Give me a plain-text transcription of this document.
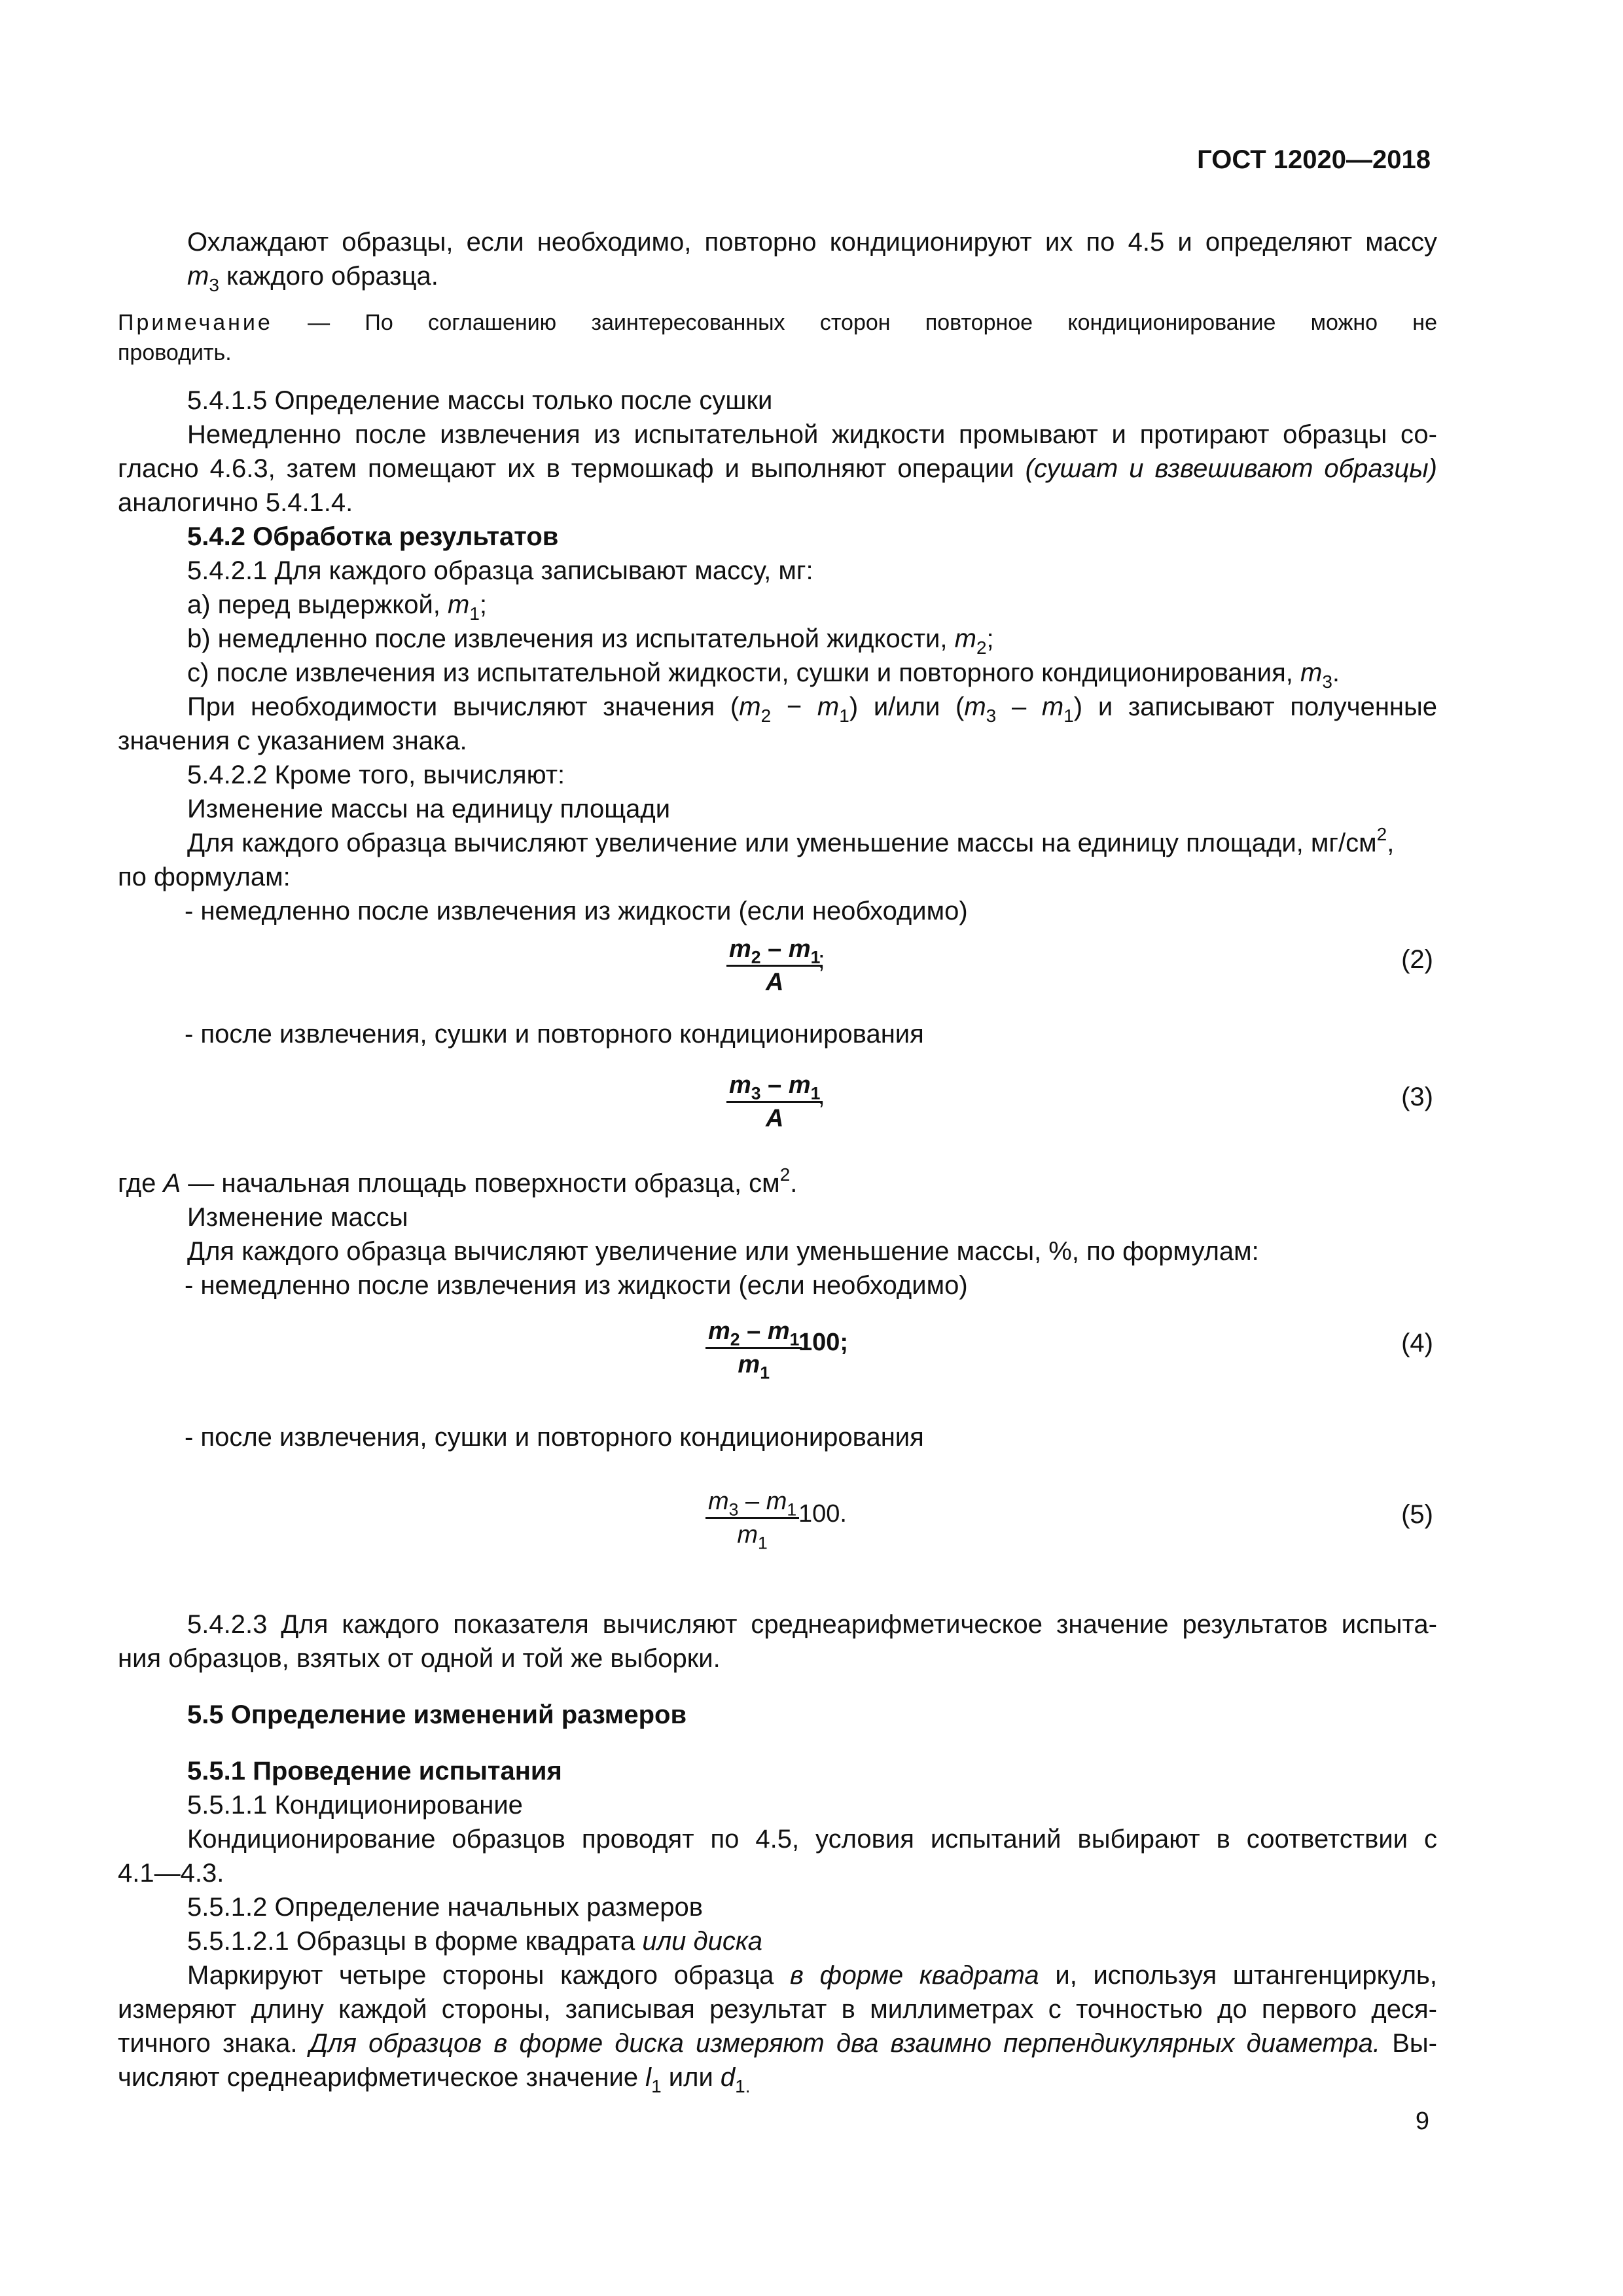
ГОСТ 12020—2018
Охлаждают образцы, если необходимо, повторно кондиционируют их по 4.5 и определяют массу
$m_3$ каждого образца.
Примечание — По соглашению заинтересованных сторон повторное кондиционирование можно не
проводить.
5.4.1.5 Определение массы только после сушки
Немедленно после извлечения из испытательной жидкости промывают и протирают образцы со-
гласно 4.6.3, затем помещают их в термошкаф и выполняют операции (сушат и взвешивают образцы)
аналогично 5.4.1.4.
5.4.2 Обработка результатов
5.4.2.1 Для каждого образца записывают массу, мг:
a) перед выдержкой, $m_1$;
b) немедленно после извлечения из испытательной жидкости, $m_2$;
c) после извлечения из испытательной жидкости, сушки и повторного кондиционирования, $m_3$.
При необходимости вычисляют значения $(m_2 - m_1)$ и/или $(m_3 - m_1)$ и записывают полученные
значения с указанием знака.
5.4.2.2 Кроме того, вычисляют:
Изменение массы на единицу площади
Для каждого образца вычисляют увеличение или уменьшение массы на единицу площади, $мг/см^2$,
по формулам:
- немедленно после извлечения из жидкости (если необходимо)
$\frac{m_2 - m_1}{A}$
;	(2)
- после извлечения, сушки и повторного кондиционирования
$\frac{m_3 - m_1}{A}$
,	(3)
где А — начальная площадь поверхности образца, $см^2$.
Изменение массы
Для каждого образца вычисляют увеличение или уменьшение массы, %, по формулам:
- немедленно после извлечения из жидкости (если необходимо)
$\frac{m_2 - m_1}{m_1}$
100;	(4)
- после извлечения, сушки и повторного кондиционирования
$\frac{m_3 - m_1}{m_1}$
100.	(5)
5.4.2.3 Для каждого показателя вычисляют среднеарифметическое значение результатов испыта-
ния образцов, взятых от одной и той же выборки.
5.5 Определение изменений размеров
5.5.1 Проведение испытания
5.5.1.1 Кондиционирование
Кондиционирование образцов проводят по 4.5, условия испытаний выбирают в соответствии с
4.1—4.3.
5.5.1.2 Определение начальных размеров
5.5.1.2.1 Образцы в форме квадрата или диска
Маркируют четыре стороны каждого образца в форме квадрата и, используя штангенциркуль,
измеряют длину каждой стороны, записывая результат в миллиметрах с точностью до первого деся-
тичного знака. Для образцов в форме диска измеряют два взаимно перпендикулярных диаметра. Вы-
числяют среднеарифметическое значение $l_1$ или $d_{1.}$
9
